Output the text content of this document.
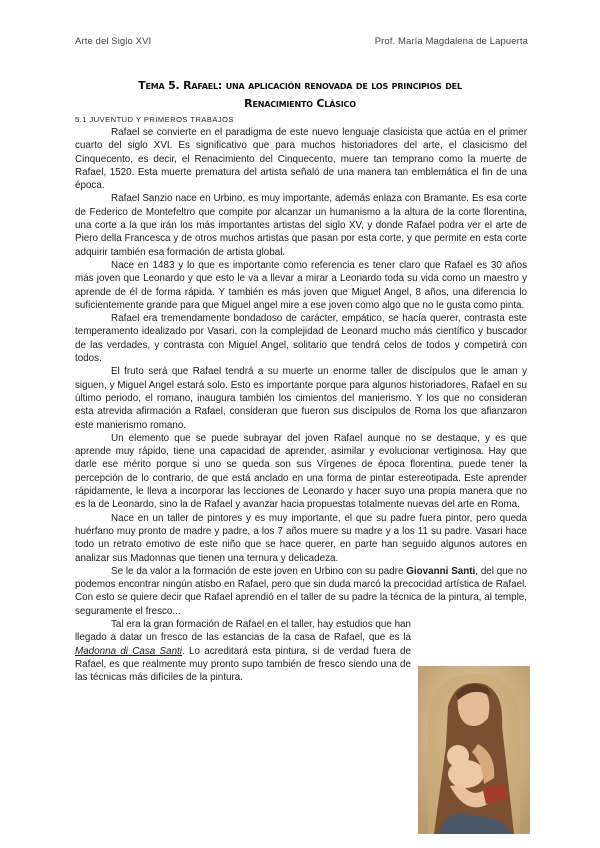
Arte del Siglo XVI	Prof. María Magdalena de Lapuerta
Tema 5. Rafael: una aplicación renovada de los principios del
Renacimiento Clásico
5.1 JUVENTUD Y PRIMEROS TRABAJOS

Rafael se convierte en el paradigma de este nuevo lenguaje clasicista que actúa en el primer cuarto del siglo XVI. Es significativo que para muchos historiadores del arte, el clasicismo del Cinquecento, es decir, el Renacimiento del Cinquecento, muere tan temprano como la muerte de Rafael, 1520. Esta muerte prematura del artista señaló de una manera tan emblemática el fin de una época.

Rafael Sanzio nace en Urbino, es muy importante, además enlaza con Bramante. Es esa corte de Federico de Montefeltro que compite por alcanzar un humanismo a la altura de la corte florentina, una corte a la que irán los más importantes artistas del siglo XV, y donde Rafael podra ver el arte de Piero della Francesca y de otros muchos artistas que pasan por esta corte, y que permite en esta corte adquirir también esa formación de artista global.

Nace en 1483 y lo que es importante como referencia es tener claro que Rafael es 30 años más joven que Leonardo y que esto le va a llevar a mirar a Leonardo toda su vida como un maestro y aprende de él de forma rápida. Y también es más joven que Miguel Angel, 8 años, una diferencia lo suficientemente grande para que Miguel angel mire a ese joven como algo que no le gusta como pinta.

Rafael era tremendamente bondadoso de carácter, empático, se hacía querer, contrasta este temperamento idealizado por Vasari, con la complejidad de Leonard mucho más científico y buscador de las verdades, y contrasta con Miguel Angel, solitario que tendrá celos de todos y competirá con todos.

El fruto será que Rafael tendrá a su muerte un enorme taller de discípulos que le aman y siguen, y Miguel Angel estará solo. Esto es importante porque para algunos historiadores, Rafael en su último periodo, el romano, inaugura también los cimientos del manierismo. Y los que no consideran esta atrevida afirmación a Rafael, consideran que fueron sus discípulos de Roma los que afianzaron este manierismo romano.

Un elemento que se puede subrayar del joven Rafael aunque no se destaque, y es que aprende muy rápido, tiene una capacidad de aprender, asimilar y evolucionar vertiginosa. Hay que darle ese mérito porque si uno se queda son sus Vírgenes de época florentina, puede tener la percepción de lo contrario, de que está anclado en una forma de pintar estereotipada. Este aprender rápidamente, le lleva a incorporar las lecciones de Leonardo y hacer suyo una propia manera que no es la de Leonardo, sino la de Rafael y avanzar hacia propuestas totalmente nuevas del arte en Roma.

Nace en un taller de pintores y es muy importante, el que su padre fuera pintor, pero queda huérfano muy pronto de madre y padre, a los 7 años muere su madre y a los 11 su padre. Vasari hace todo un retrato emotivo de este niño que se hace querer, en parte han seguido algunos autores en analizar sus Madonnas que tienen una ternura y delicadeza.

Se le da valor a la formación de este joven en Urbino con su padre Giovanni Santi, del que no podemos encontrar ningún atisbo en Rafael, pero que sin duda marcó la precocidad artística de Rafael. Con esto se quiere decir que Rafael aprendió en el taller de su padre la técnica de la pintura, al temple, seguramente el fresco...

Tal era la gran formación de Rafael en el taller, hay estudios que han llegado a datar un fresco de las estancias de la casa de Rafael, que es la Madonna di Casa Santi. Lo acreditará esta pintura, si de verdad fuera de Rafael, es que realmente muy pronto supo también de fresco siendo una de las técnicas más difíciles de la pintura.
